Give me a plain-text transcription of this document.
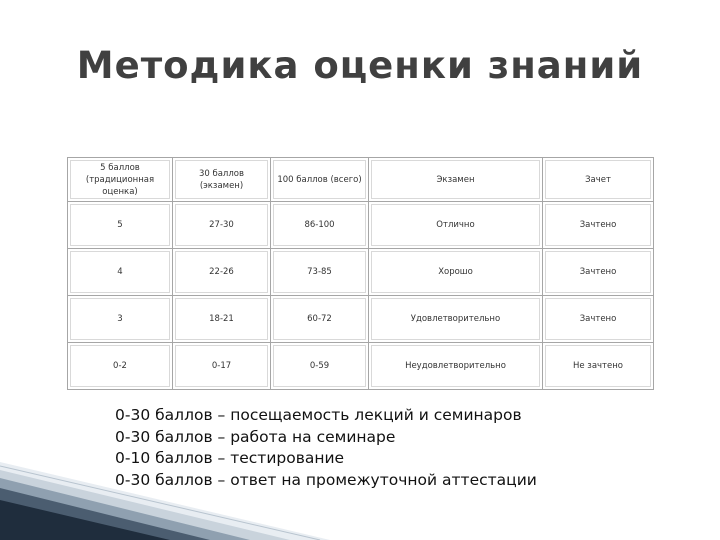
Методика оценки знаний
5 баллов (традиционная оценка)	30 баллов (экзамен)	100 баллов (всего)	Экзамен	Зачет
5	27-30	86-100	Отлично	Зачтено
4	22-26	73-85	Хорошо	Зачтено
3	18-21	60-72	Удовлетворительно	Зачтено
0-2	0-17	0-59	Неудовлетворительно	Не зачтено
0-30 баллов – посещаемость лекций и семинаров
0-30 баллов – работа на семинаре
0-10 баллов – тестирование
0-30 баллов – ответ на промежуточной аттестации
